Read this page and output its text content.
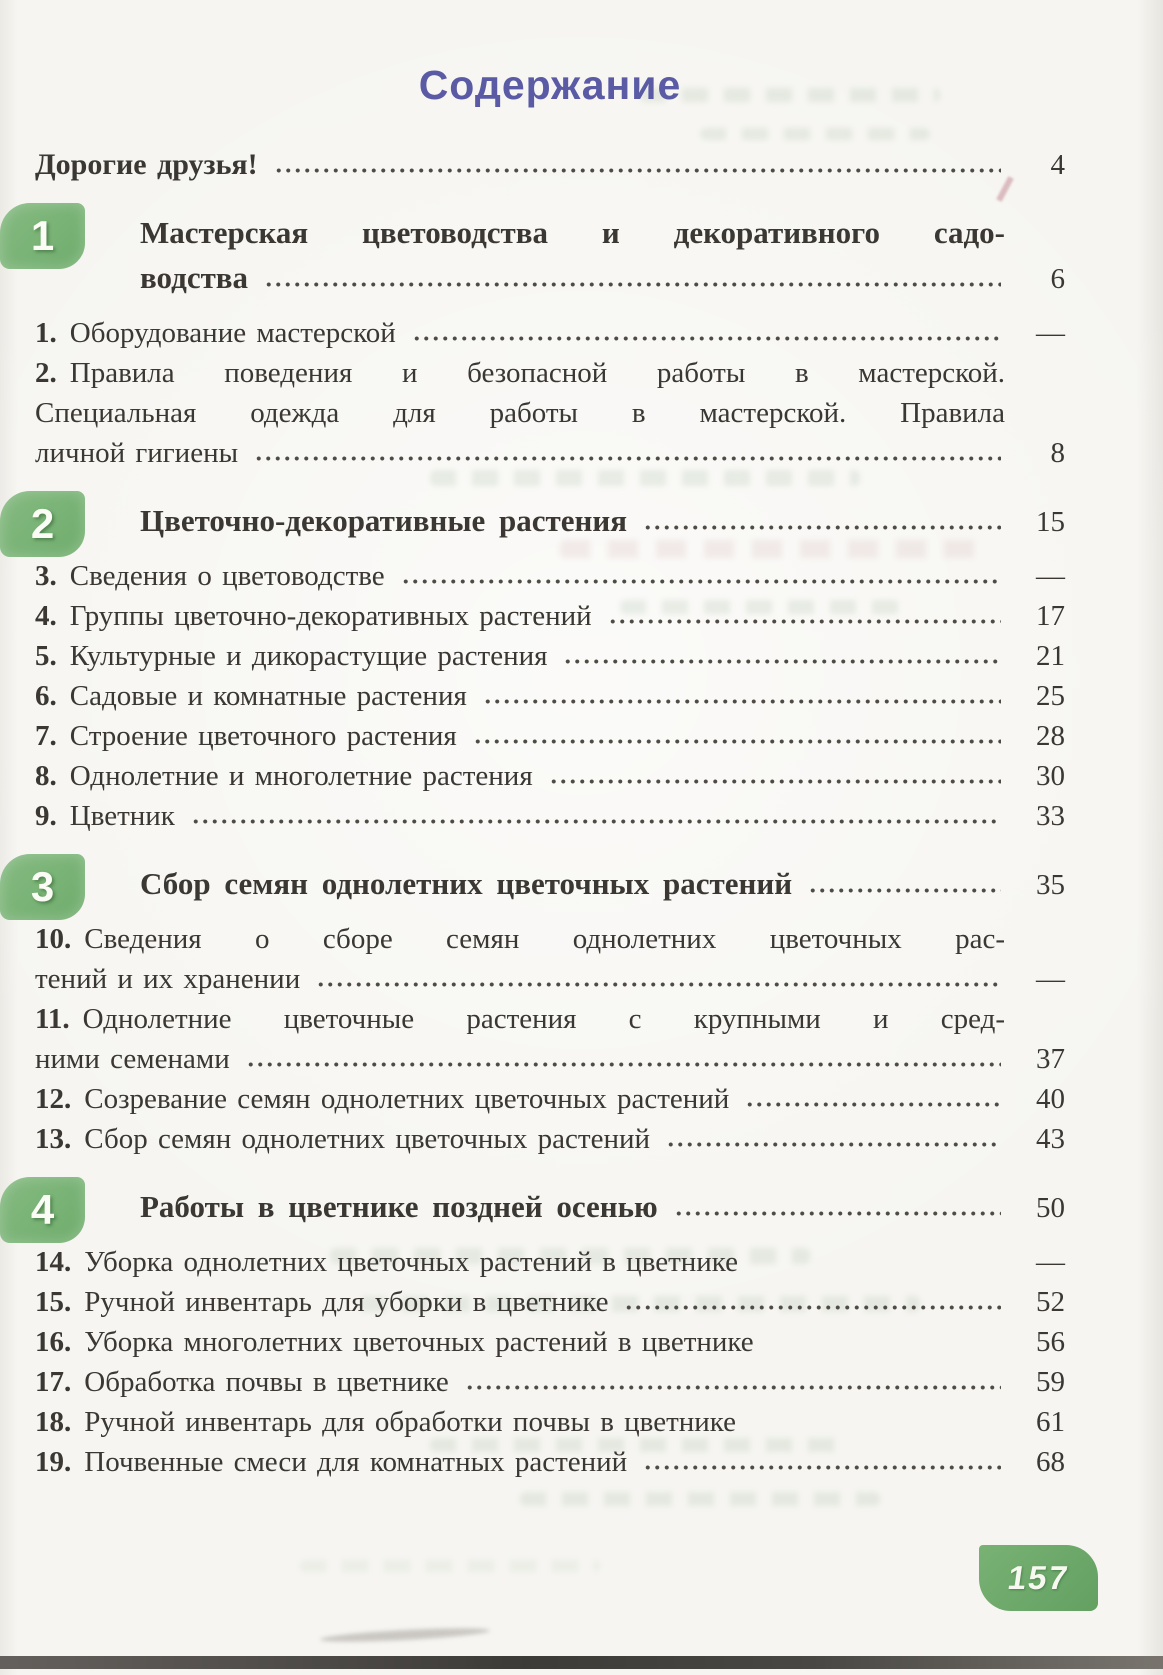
Содержание
Дорогие друзья!	4
1	Мастерская цветоводства и декоративного садо-
водства	6
1. Оборудование мастерской	—
2. Правила поведения и безопасной работы в мастерской.
Специальная одежда для работы в мастерской. Правила
личной гигиены	8
2	Цветочно-декоративные растения	15
3. Сведения о цветоводстве	—
4. Группы цветочно-декоративных растений	17
5. Культурные и дикорастущие растения	21
6. Садовые и комнатные растения	25
7. Строение цветочного растения	28
8. Однолетние и многолетние растения	30
9. Цветник	33
3	Сбор семян однолетних цветочных растений	35
10. Сведения о сборе семян однолетних цветочных рас-
тений и их хранении	—
11. Однолетние цветочные растения с крупными и сред-
ними семенами	37
12. Созревание семян однолетних цветочных растений	40
13. Сбор семян однолетних цветочных растений	43
4	Работы в цветнике поздней осенью	50
14. Уборка однолетних цветочных растений в цветнике	—
15. Ручной инвентарь для уборки в цветнике	52
16. Уборка многолетних цветочных растений в цветнике	56
17. Обработка почвы в цветнике	59
18. Ручной инвентарь для обработки почвы в цветнике	61
19. Почвенные смеси для комнатных растений	68
157
